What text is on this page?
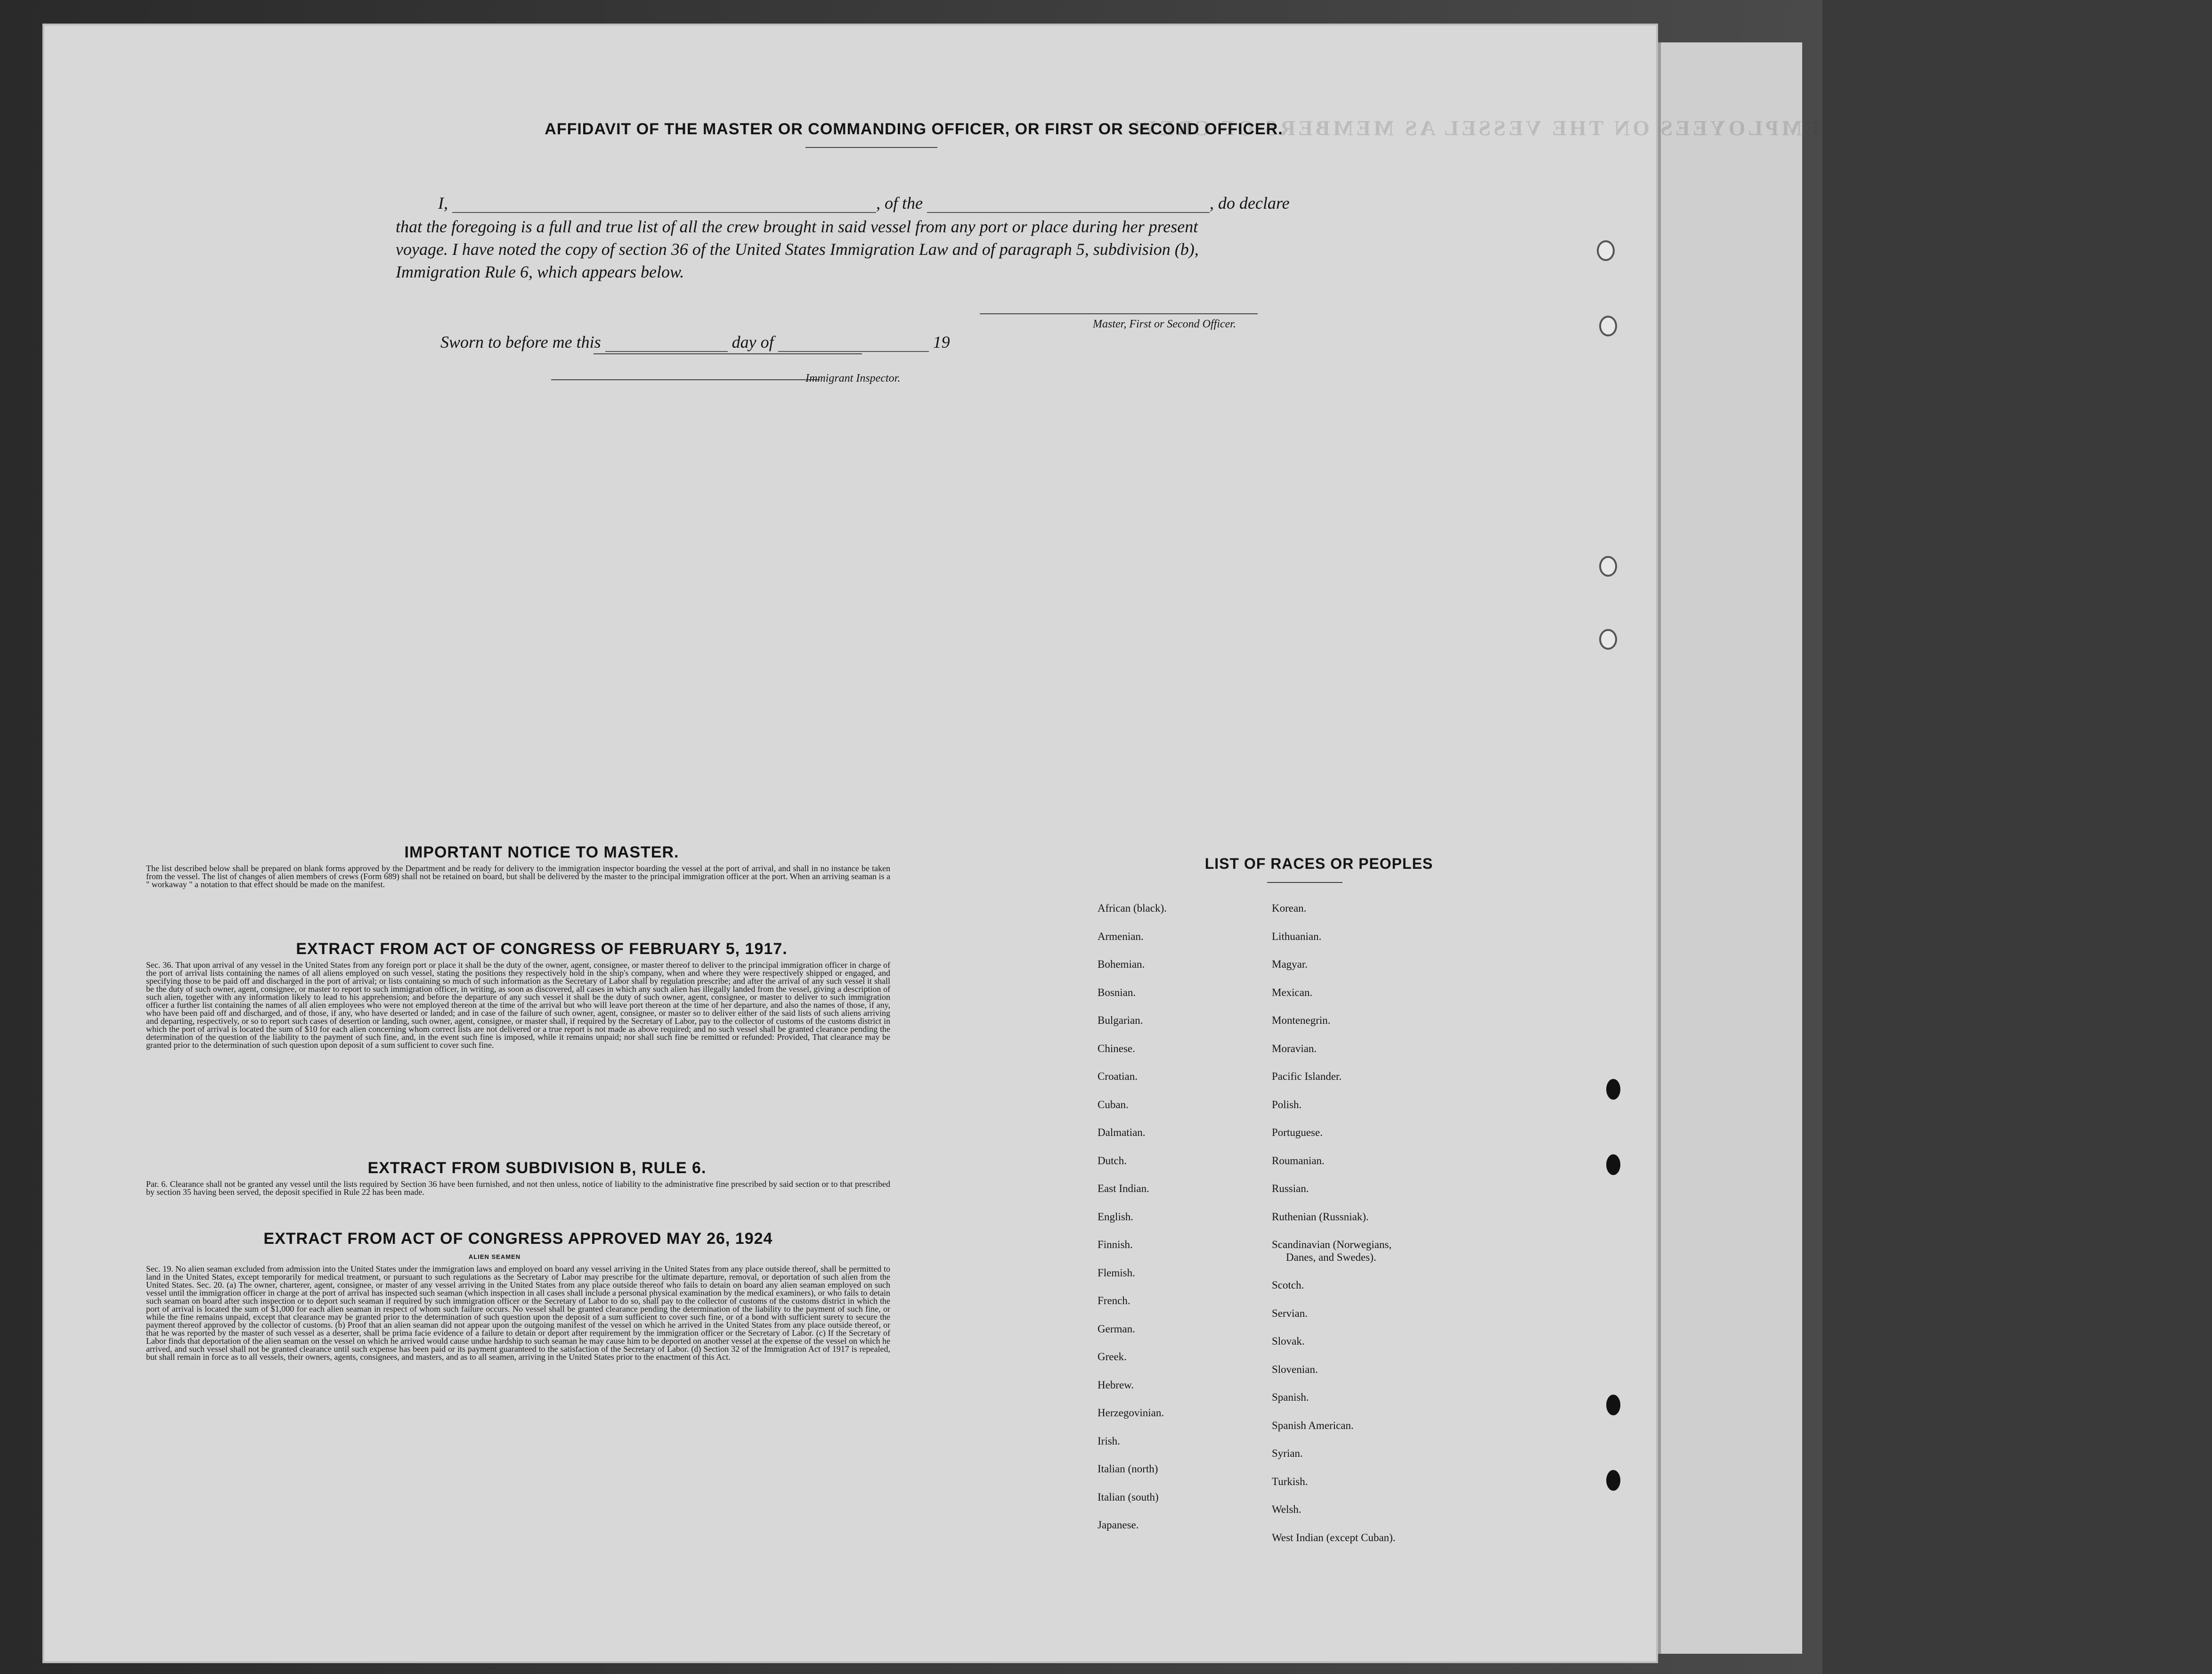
LIST OR MANIFEST OF ALIEN EMPLOYEES ON THE VESSEL AS MEMBERS OF CREW.
AFFIDAVIT OF THE MASTER OR COMMANDING OFFICER, OR FIRST OR SECOND OFFICER.
I,	, of the	, do declare
that the foregoing is a full and true list of all the crew brought in said vessel from any port or place during her present
voyage. I have noted the copy of section 36 of the United States Immigration Law and of paragraph 5, subdivision (b),
Immigration Rule 6, which appears below.
Master, First or Second Officer.
Sworn to before me this	day of	19
Immigrant Inspector.
IMPORTANT NOTICE TO MASTER.
The list described below shall be prepared on blank forms approved by the Department and be ready for delivery to the immigration inspector boarding the vessel at the port of arrival, and shall in no instance be taken from the vessel. The list of changes of alien members of crews (Form 689) shall not be retained on board, but shall be delivered by the master to the principal immigration officer at the port. When an arriving seaman is a " workaway " a notation to that effect should be made on the manifest.
EXTRACT FROM ACT OF CONGRESS OF FEBRUARY 5, 1917.
Sec. 36. That upon arrival of any vessel in the United States from any foreign port or place it shall be the duty of the owner, agent, consignee, or master thereof to deliver to the principal immigration officer in charge of the port of arrival lists containing the names of all aliens employed on such vessel, stating the positions they respectively hold in the ship's company, when and where they were respectively shipped or engaged, and specifying those to be paid off and discharged in the port of arrival; or lists containing so much of such information as the Secretary of Labor shall by regulation prescribe; and after the arrival of any such vessel it shall be the duty of such owner, agent, consignee, or master to report to such immigration officer, in writing, as soon as discovered, all cases in which any such alien has illegally landed from the vessel, giving a description of such alien, together with any information likely to lead to his apprehension; and before the departure of any such vessel it shall be the duty of such owner, agent, consignee, or master to deliver to such immigration officer a further list containing the names of all alien employees who were not employed thereon at the time of the arrival but who will leave port thereon at the time of her departure, and also the names of those, if any, who have been paid off and discharged, and of those, if any, who have deserted or landed; and in case of the failure of such owner, agent, consignee, or master so to deliver either of the said lists of such aliens arriving and departing, respectively, or so to report such cases of desertion or landing, such owner, agent, consignee, or master shall, if required by the Secretary of Labor, pay to the collector of customs of the customs district in which the port of arrival is located the sum of $10 for each alien concerning whom correct lists are not delivered or a true report is not made as above required; and no such vessel shall be granted clearance pending the determination of the question of the liability to the payment of such fine, and, in the event such fine is imposed, while it remains unpaid; nor shall such fine be remitted or refunded: Provided, That clearance may be granted prior to the determination of such question upon deposit of a sum sufficient to cover such fine.
EXTRACT FROM SUBDIVISION B, RULE 6.
Par. 6. Clearance shall not be granted any vessel until the lists required by Section 36 have been furnished, and not then unless, notice of liability to the administrative fine prescribed by said section or to that prescribed by section 35 having been served, the deposit specified in Rule 22 has been made.
EXTRACT FROM ACT OF CONGRESS APPROVED MAY 26, 1924
ALIEN SEAMEN
Sec. 19. No alien seaman excluded from admission into the United States under the immigration laws and employed on board any vessel arriving in the United States from any place outside thereof, shall be permitted to land in the United States, except temporarily for medical treatment, or pursuant to such regulations as the Secretary of Labor may prescribe for the ultimate departure, removal, or deportation of such alien from the United States. Sec. 20. (a) The owner, charterer, agent, consignee, or master of any vessel arriving in the United States from any place outside thereof who fails to detain on board any alien seaman employed on such vessel until the immigration officer in charge at the port of arrival has inspected such seaman (which inspection in all cases shall include a personal physical examination by the medical examiners), or who fails to detain such seaman on board after such inspection or to deport such seaman if required by such immigration officer or the Secretary of Labor to do so, shall pay to the collector of customs of the customs district in which the port of arrival is located the sum of $1,000 for each alien seaman in respect of whom such failure occurs. No vessel shall be granted clearance pending the determination of the liability to the payment of such fine, or while the fine remains unpaid, except that clearance may be granted prior to the determination of such question upon the deposit of a sum sufficient to cover such fine, or of a bond with sufficient surety to secure the payment thereof approved by the collector of customs. (b) Proof that an alien seaman did not appear upon the outgoing manifest of the vessel on which he arrived in the United States from any place outside thereof, or that he was reported by the master of such vessel as a deserter, shall be prima facie evidence of a failure to detain or deport after requirement by the immigration officer or the Secretary of Labor. (c) If the Secretary of Labor finds that deportation of the alien seaman on the vessel on which he arrived would cause undue hardship to such seaman he may cause him to be deported on another vessel at the expense of the vessel on which he arrived, and such vessel shall not be granted clearance until such expense has been paid or its payment guaranteed to the satisfaction of the Secretary of Labor. (d) Section 32 of the Immigration Act of 1917 is repealed, but shall remain in force as to all vessels, their owners, agents, consignees, and masters, and as to all seamen, arriving in the United States prior to the enactment of this Act.
LIST OF RACES OR PEOPLES
African (black).
Armenian.
Bohemian.
Bosnian.
Bulgarian.
Chinese.
Croatian.
Cuban.
Dalmatian.
Dutch.
East Indian.
English.
Finnish.
Flemish.
French.
German.
Greek.
Hebrew.
Herzegovinian.
Irish.
Italian (north)
Italian (south)
Japanese.
Korean.
Lithuanian.
Magyar.
Mexican.
Montenegrin.
Moravian.
Pacific Islander.
Polish.
Portuguese.
Roumanian.
Russian.
Ruthenian (Russniak).
Scandinavian (Norwegians,
Danes, and Swedes).
Scotch.
Servian.
Slovak.
Slovenian.
Spanish.
Spanish American.
Syrian.
Turkish.
Welsh.
West Indian (except Cuban).
